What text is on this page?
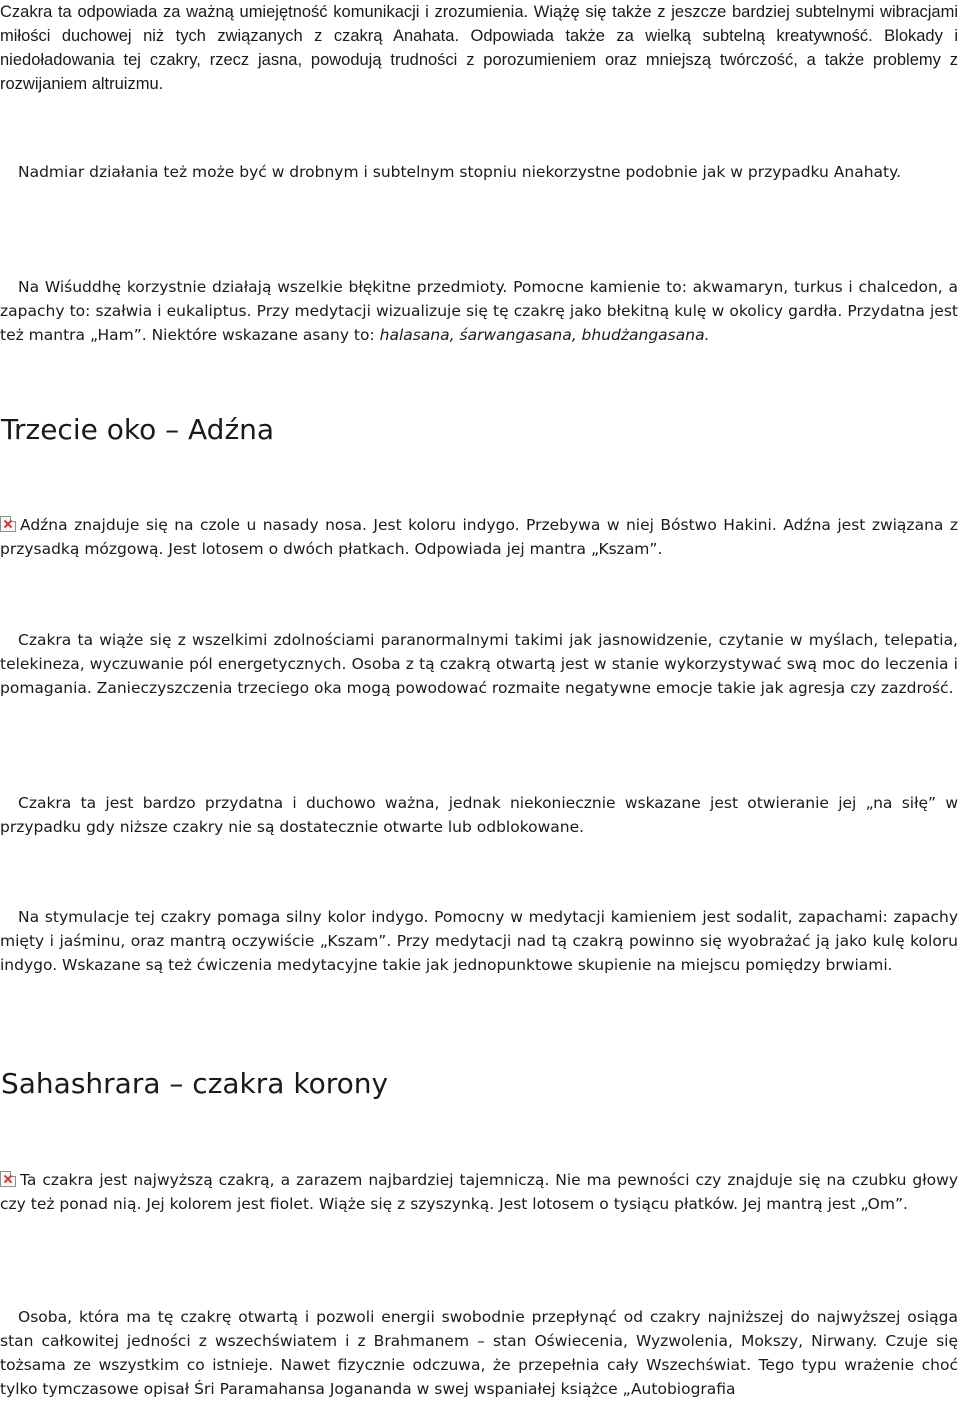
Czakra ta odpowiada za ważną umiejętność komunikacji i zrozumienia. Wiążę się także z jeszcze bardziej subtelnymi wibracjami miłości duchowej niż tych związanych z czakrą Anahata. Odpowiada także za wielką subtelną kreatywność. Blokady i niedoładowania tej czakry, rzecz jasna, powodują trudności z porozumieniem oraz mniejszą twórczość, a także problemy z rozwijaniem altruizmu.

Nadmiar działania też może być w drobnym i subtelnym stopniu niekorzystne podobnie jak w przypadku Anahaty.

Na Wiśuddhę korzystnie działają wszelkie błękitne przedmioty. Pomocne kamienie to: akwamaryn, turkus i chalcedon, a zapachy to: szałwia i eukaliptus. Przy medytacji wizualizuje się tę czakrę jako błekitną kulę w okolicy gardła. Przydatna jest też mantra „Ham”. Niektóre wskazane asany to: halasana, śarwangasana, bhudżangasana.

Trzecie oko – Adźna

Adźna znajduje się na czole u nasady nosa. Jest koloru indygo. Przebywa w niej Bóstwo Hakini. Adźna jest związana z przysadką mózgową. Jest lotosem o dwóch płatkach. Odpowiada jej mantra „Kszam”.

Czakra ta wiąże się z wszelkimi zdolnościami paranormalnymi takimi jak jasnowidzenie, czytanie w myślach, telepatia, telekineza, wyczuwanie pól energetycznych. Osoba z tą czakrą otwartą jest w stanie wykorzystywać swą moc do leczenia i pomagania. Zanieczyszczenia trzeciego oka mogą powodować rozmaite negatywne emocje takie jak agresja czy zazdrość.

Czakra ta jest bardzo przydatna i duchowo ważna, jednak niekoniecznie wskazane jest otwieranie jej „na siłę” w przypadku gdy niższe czakry nie są dostatecznie otwarte lub odblokowane.

Na stymulacje tej czakry pomaga silny kolor indygo. Pomocny w medytacji kamieniem jest sodalit, zapachami: zapachy mięty i jaśminu, oraz mantrą oczywiście „Kszam”. Przy medytacji nad tą czakrą powinno się wyobrażać ją jako kulę koloru indygo. Wskazane są też ćwiczenia medytacyjne takie jak jednopunktowe skupienie na miejscu pomiędzy brwiami.

Sahashrara – czakra korony

Ta czakra jest najwyższą czakrą, a zarazem najbardziej tajemniczą. Nie ma pewności czy znajduje się na czubku głowy czy też ponad nią. Jej kolorem jest fiolet. Wiąże się z szyszynką. Jest lotosem o tysiącu płatków. Jej mantrą jest „Om”.

Osoba, która ma tę czakrę otwartą i pozwoli energii swobodnie przepłynąć od czakry najniższej do najwyższej osiąga stan całkowitej jedności z wszechświatem i z Brahmanem – stan Oświecenia, Wyzwolenia, Mokszy, Nirwany. Czuje się tożsama ze wszystkim co istnieje. Nawet fizycznie odczuwa, że przepełnia cały Wszechświat. Tego typu wrażenie choć tylko tymczasowe opisał Śri Paramahansa Jogananda w swej wspaniałej książce „Autobiografia
